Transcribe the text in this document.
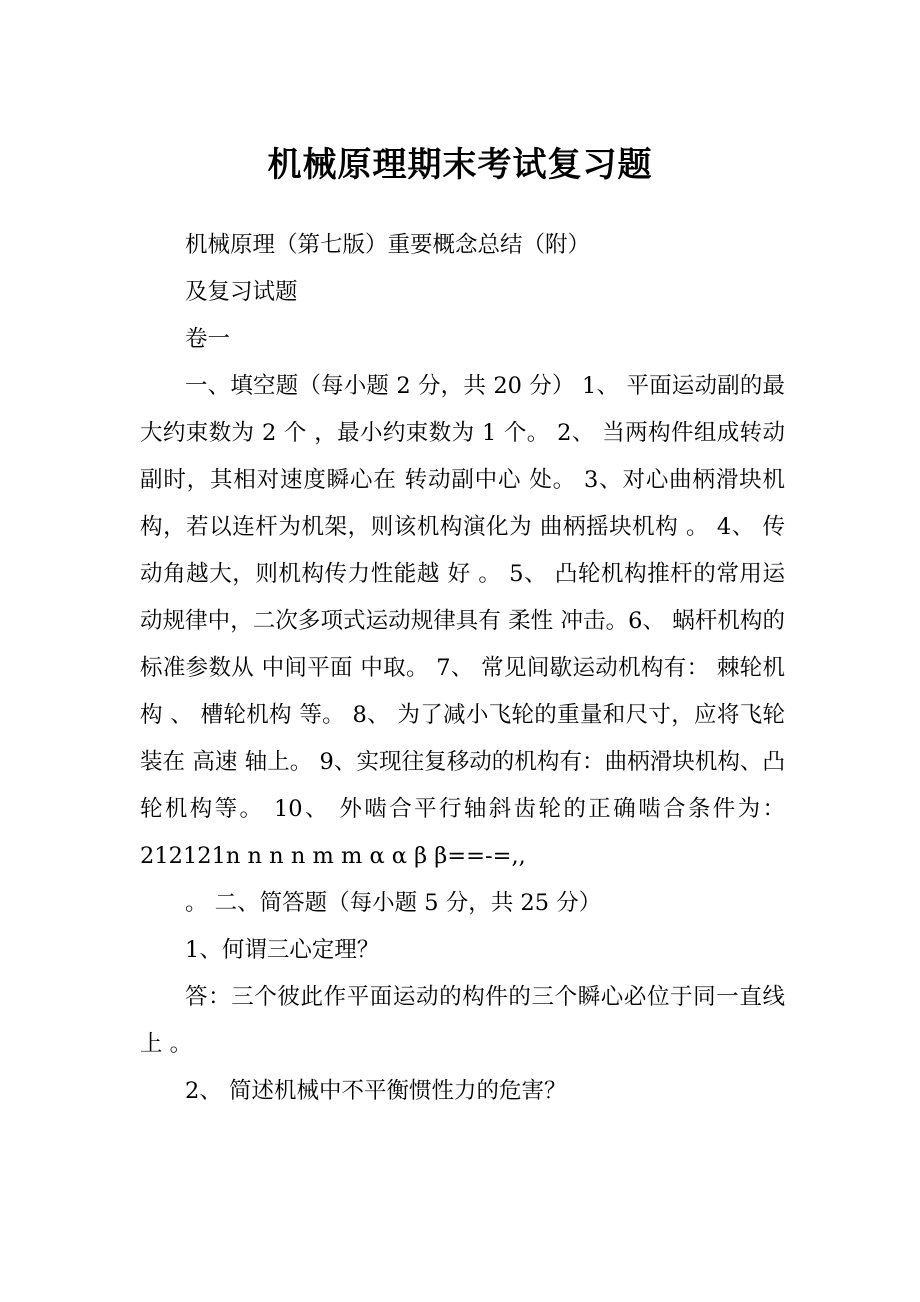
机械原理期末考试复习题

机械原理（第七版）重要概念总结（附）

及复习试题

卷一

一、填空题（每小题 2 分，共 20 分） 1、 平面运动副的最大约束数为 2 个 ，最小约束数为 1 个。 2、 当两构件组成转动副时，其相对速度瞬心在 转动副中心 处。 3、对心曲柄滑块机构，若以连杆为机架，则该机构演化为 曲柄摇块机构 。 4、 传动角越大，则机构传力性能越 好 。 5、 凸轮机构推杆的常用运动规律中，二次多项式运动规律具有 柔性 冲击。6、 蜗杆机构的标准参数从 中间平面 中取。 7、 常见间歇运动机构有： 棘轮机构 、 槽轮机构 等。 8、 为了减小飞轮的重量和尺寸，应将飞轮装在 高速 轴上。 9、实现往复移动的机构有：曲柄滑块机构、凸轮机构等。 10、 外啮合平行轴斜齿轮的正确啮合条件为： 212121n n n n m m α α β β==-=,,

。 二、简答题（每小题 5 分，共 25 分）

1、何谓三心定理？

答：三个彼此作平面运动的构件的三个瞬心必位于同一直线上 。

2、 简述机械中不平衡惯性力的危害？
